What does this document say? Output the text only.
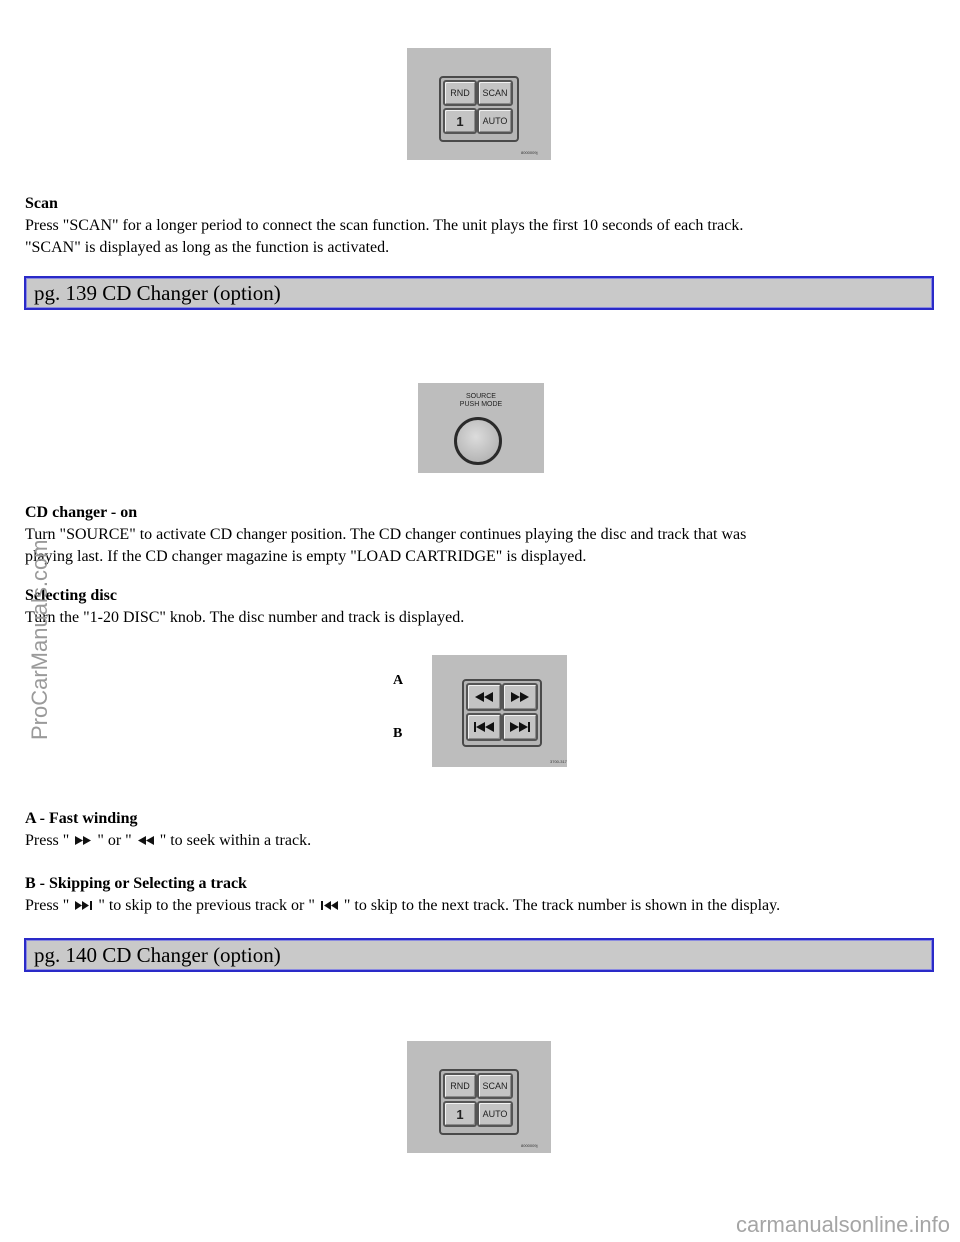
RND SCAN
1 AUTO
8000009j
Scan

Press "SCAN" for a longer period to connect the scan function. The unit plays the first 10 seconds of each track.

"SCAN" is displayed as long as the function is activated.

pg. 139 CD Changer (option)
SOURCE
PUSH MODE
CD changer - on

Turn "SOURCE" to activate CD changer position. The CD changer continues playing the disc and track that was

playing last. If the CD changer magazine is empty "LOAD CARTRIDGE" is displayed.

Selecting disc

Turn the "1-20 DISC" knob. The disc number and track is displayed.

A
B
3700-317
A - Fast winding

Press " " or " " to seek within a track.

B - Skipping or Selecting a track

Press " " to skip to the previous track or " " to skip to the next track. The track number is shown in the display.

pg. 140 CD Changer (option)
RND SCAN
1 AUTO
8000009j
ProCarManuals.com
carmanualsonline.info
